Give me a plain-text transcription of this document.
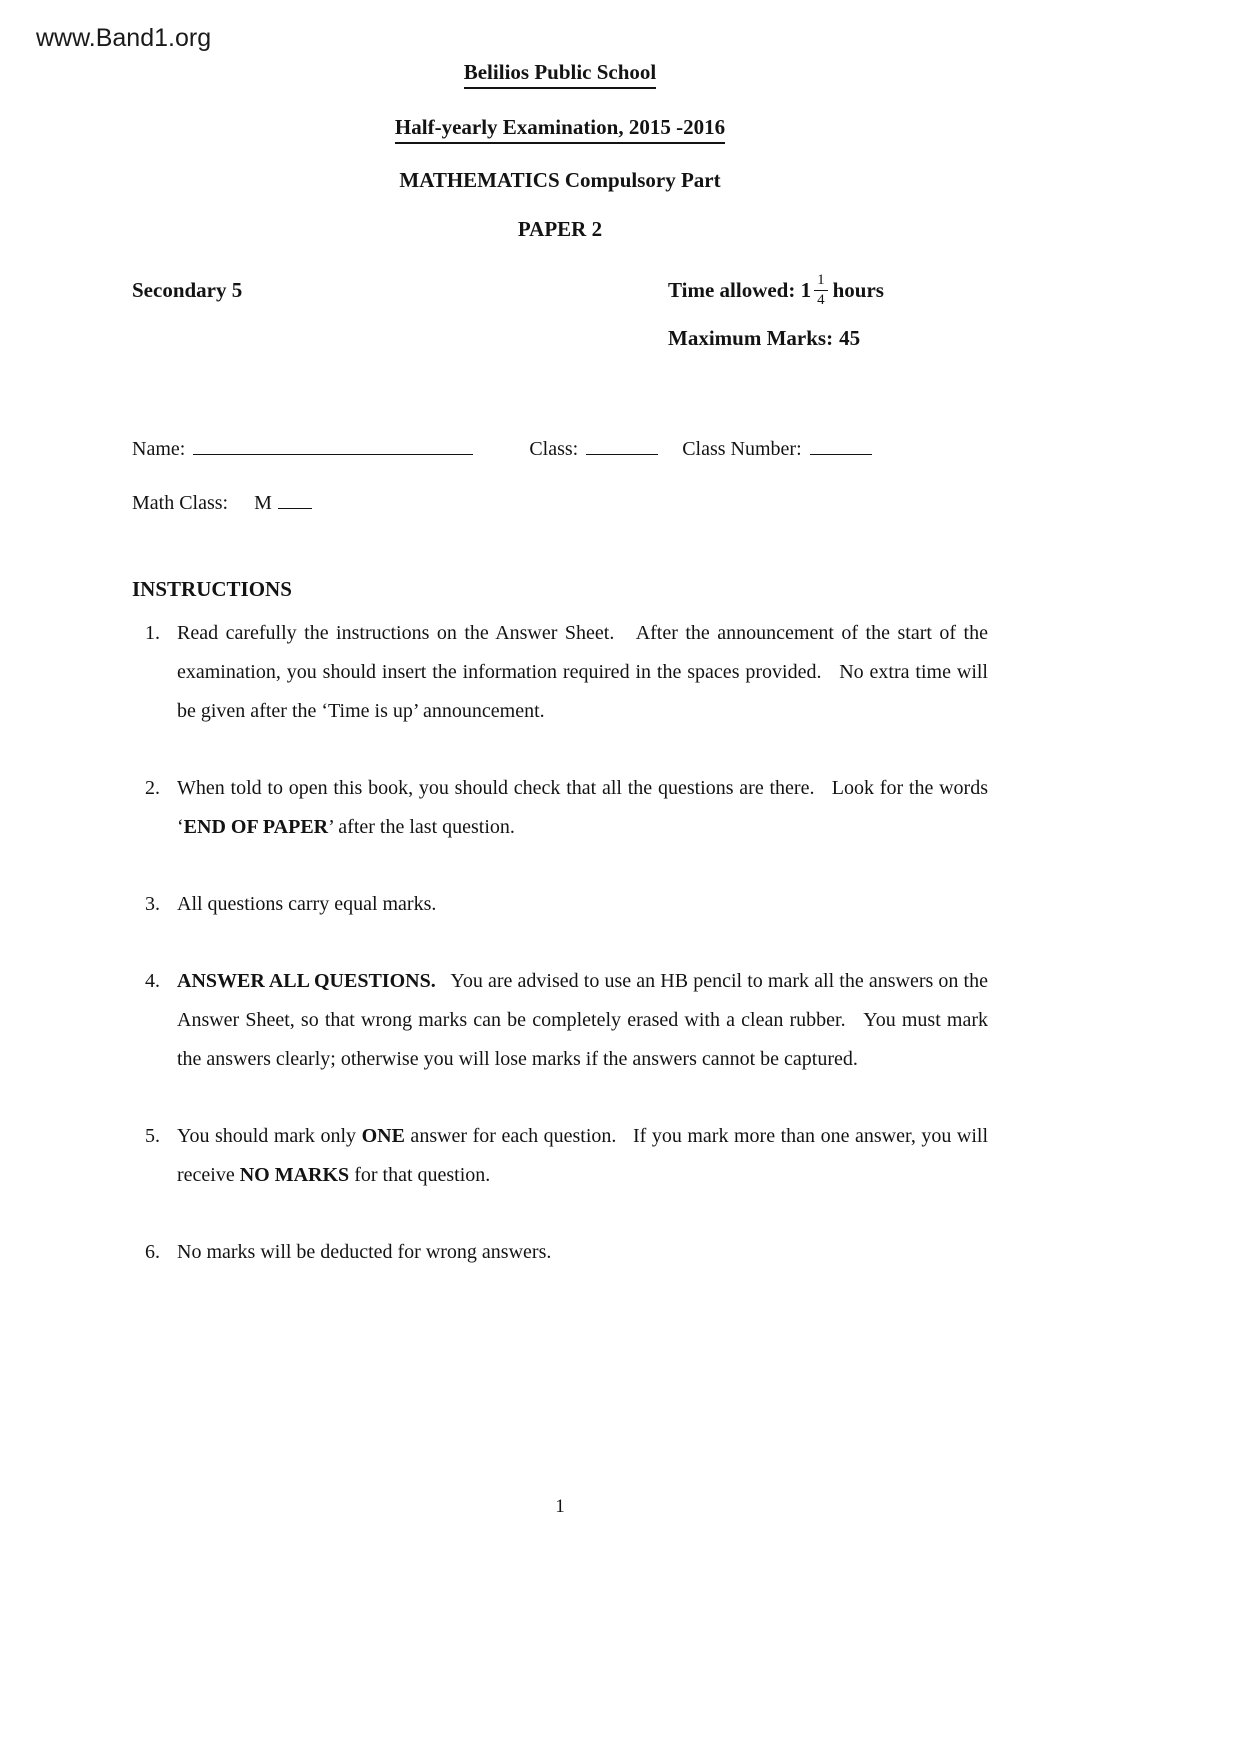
www.Band1.org
Belilios Public School
Half-yearly Examination, 2015 -2016
MATHEMATICS Compulsory Part
PAPER 2
Secondary 5	Time allowed: $1 \frac{1}{4}$ hours
Maximum Marks: 45
Name:	Class:	Class Number:
Math Class: M
INSTRUCTIONS
1. Read carefully the instructions on the Answer Sheet.   After the announcement of the start of the examination, you should insert the information required in the spaces provided.   No extra time will be given after the ‘Time is up’ announcement.
2. When told to open this book, you should check that all the questions are there.   Look for the words ‘END OF PAPER’ after the last question.
3. All questions carry equal marks.
4. ANSWER ALL QUESTIONS.   You are advised to use an HB pencil to mark all the answers on the Answer Sheet, so that wrong marks can be completely erased with a clean rubber.   You must mark the answers clearly; otherwise you will lose marks if the answers cannot be captured.
5. You should mark only ONE answer for each question.   If you mark more than one answer, you will receive NO MARKS for that question.
6. No marks will be deducted for wrong answers.
1
